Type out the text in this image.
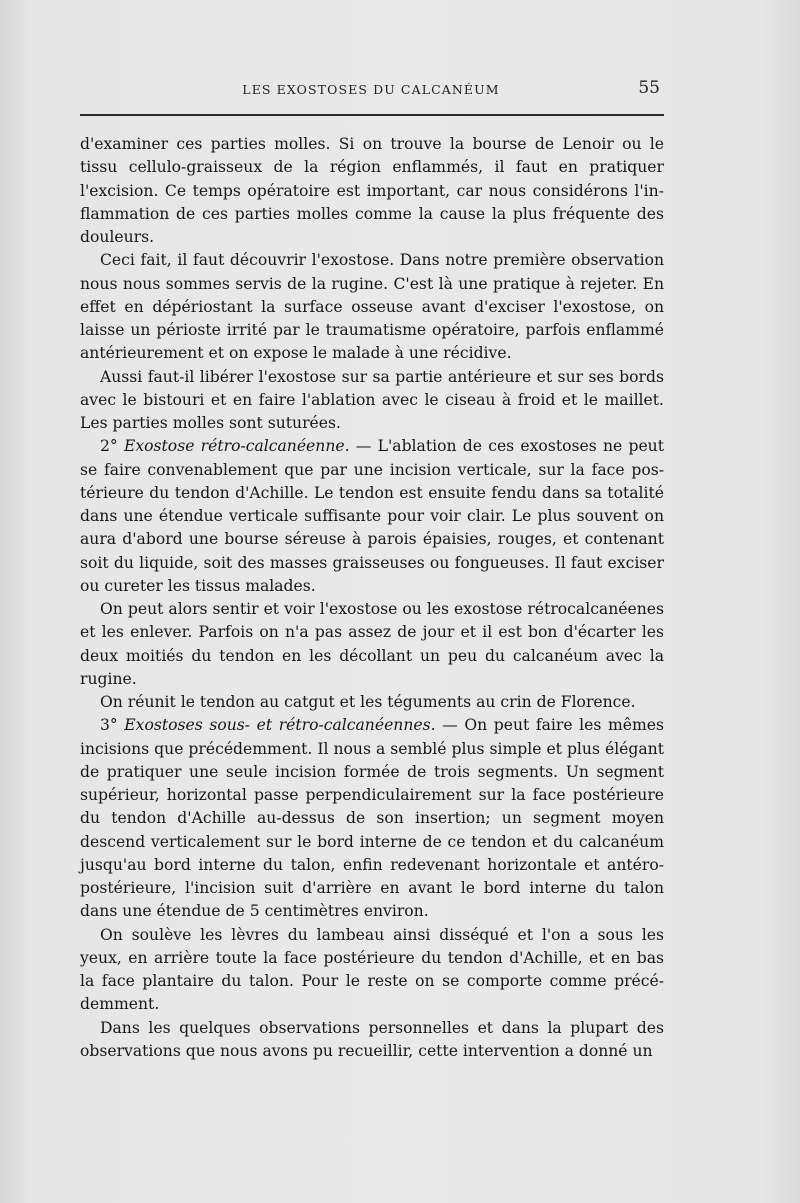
LES EXOSTOSES DU CALCANÉUM	55

d'examiner ces parties molles. Si on trouve la bourse de Lenoir ou le tissu cellulo-graisseux de la région enflammés, il faut en pratiquer l'excision. Ce temps opératoire est important, car nous considérons l'inflammation de ces parties molles comme la cause la plus fréquente des douleurs.

Ceci fait, il faut découvrir l'exostose. Dans notre première observation nous nous sommes servis de la rugine. C'est là une pratique à rejeter. En effet en dépériostant la surface osseuse avant d'exciser l'exostose, on laisse un périoste irrité par le traumatisme opératoire, parfois enflammé antérieurement et on expose le malade à une récidive.

Aussi faut-il libérer l'exostose sur sa partie antérieure et sur ses bords avec le bistouri et en faire l'ablation avec le ciseau à froid et le maillet. Les parties molles sont suturées.

2° Exostose rétro-calcanéenne. — L'ablation de ces exostoses ne peut se faire convenablement que par une incision verticale, sur la face postérieure du tendon d'Achille. Le tendon est ensuite fendu dans sa totalité dans une étendue verticale suffisante pour voir clair. Le plus souvent on aura d'abord une bourse séreuse à parois épaisies, rouges, et contenant soit du liquide, soit des masses graisseuses ou fongueuses. Il faut exciser ou cureter les tissus malades.

On peut alors sentir et voir l'exostose ou les exostose rétrocalcanéenes et les enlever. Parfois on n'a pas assez de jour et il est bon d'écarter les deux moitiés du tendon en les décollant un peu du calcanéum avec la rugine.

On réunit le tendon au catgut et les téguments au crin de Florence.

3° Exostoses sous- et rétro-calcanéennes. — On peut faire les mêmes incisions que précédemment. Il nous a semblé plus simple et plus élégant de pratiquer une seule incision formée de trois segments. Un segment supérieur, horizontal passe perpendiculairement sur la face postérieure du tendon d'Achille au-dessus de son insertion; un segment moyen descend verticalement sur le bord interne de ce tendon et du calcanéum jusqu'au bord interne du talon, enfin redevenant horizontale et antéro-postérieure, l'incision suit d'arrière en avant le bord interne du talon dans une étendue de 5 centimètres environ.

On soulève les lèvres du lambeau ainsi disséqué et l'on a sous les yeux, en arrière toute la face postérieure du tendon d'Achille, et en bas la face plantaire du talon. Pour le reste on se comporte comme précédemment.

Dans les quelques observations personnelles et dans la plupart des observations que nous avons pu recueillir, cette intervention a donné un
